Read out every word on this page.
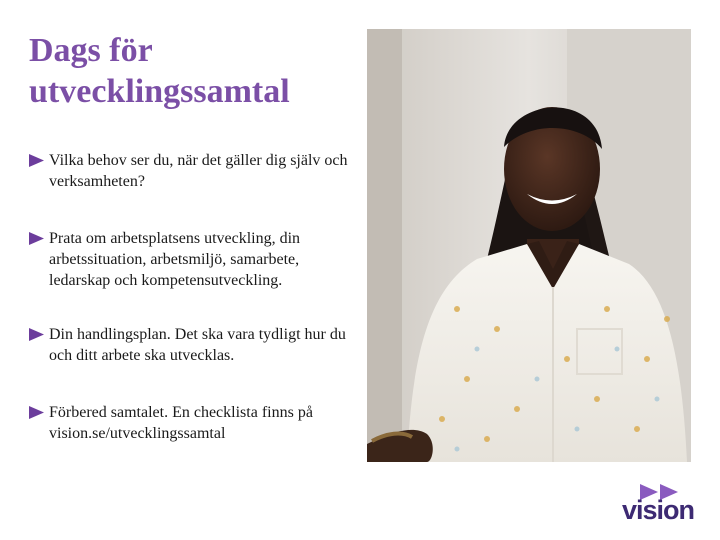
Dags för utvecklingssamtal
Vilka behov ser du, när det gäller dig själv och verksamheten?
Prata om arbetsplatsens utveckling, din arbetssituation, arbetsmiljö, samarbete, ledarskap och kompetensutveckling.
Din handlingsplan. Det ska vara tydligt hur du och ditt arbete ska utvecklas.
Förbered samtalet. En checklista finns på vision.se/utvecklingssamtal
vision
